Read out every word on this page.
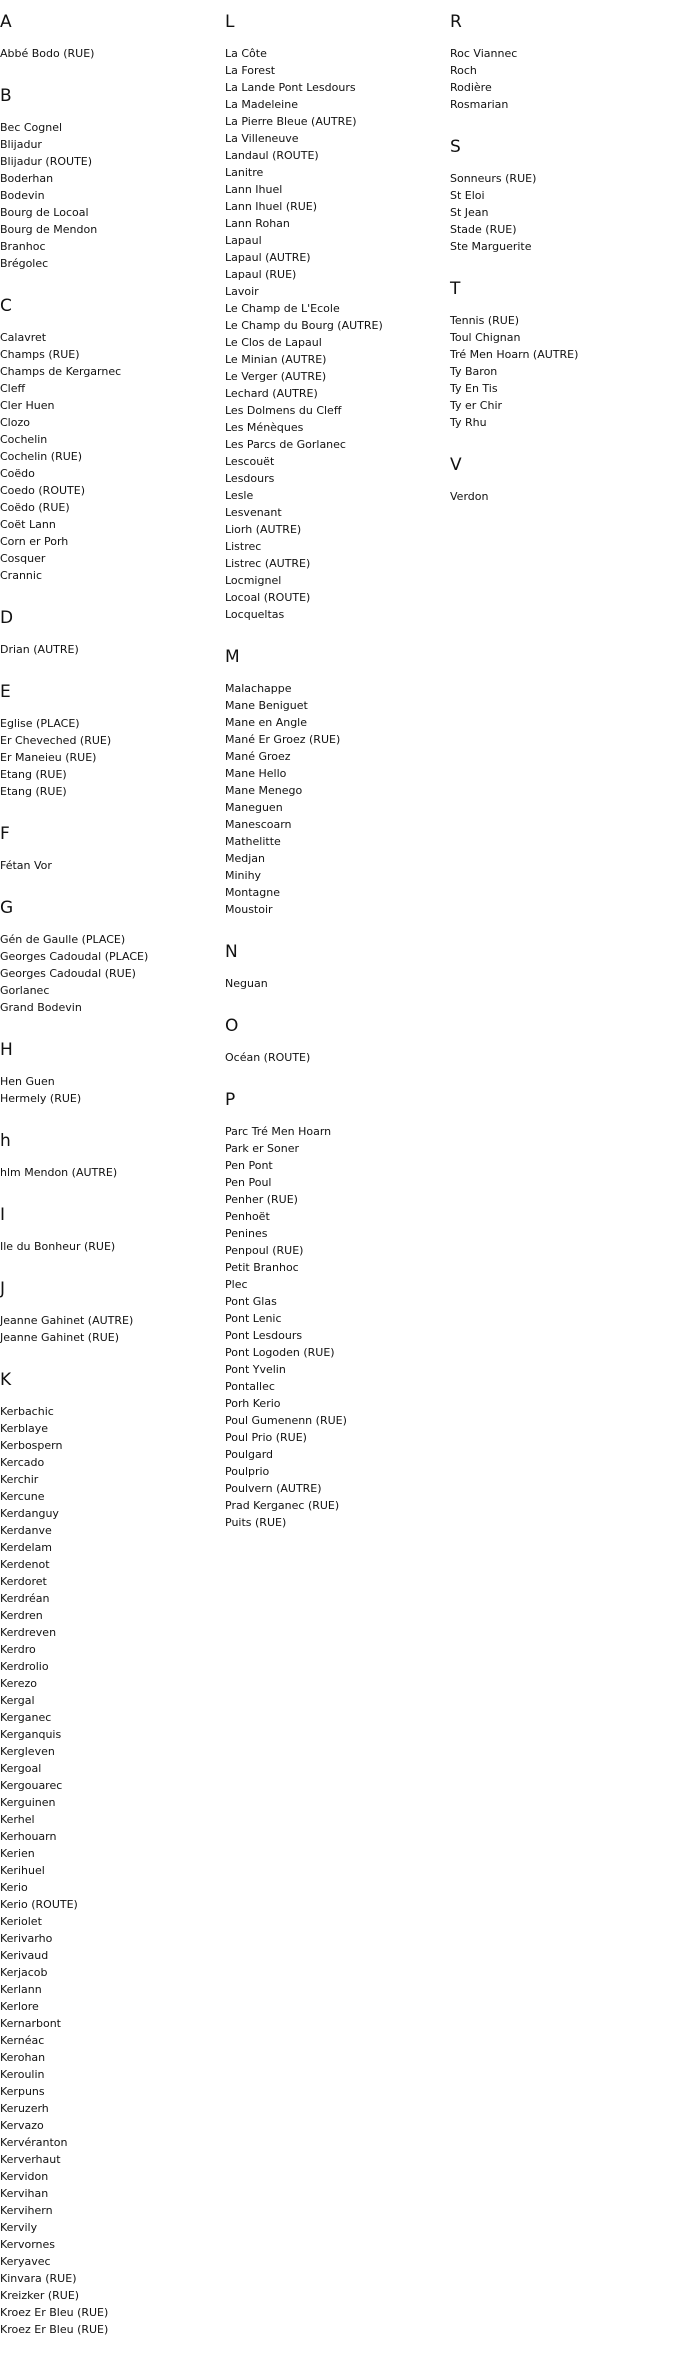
A
Abbé Bodo (RUE)
B
Bec Cognel
Blijadur
Blijadur (ROUTE)
Boderhan
Bodevin
Bourg de Locoal
Bourg de Mendon
Branhoc
Brégolec
C
Calavret
Champs (RUE)
Champs de Kergarnec
Cleff
Cler Huen
Clozo
Cochelin
Cochelin (RUE)
Coëdo
Coedo (ROUTE)
Coëdo (RUE)
Coët Lann
Corn er Porh
Cosquer
Crannic
D
Drian (AUTRE)
E
Eglise (PLACE)
Er Cheveched (RUE)
Er Maneieu (RUE)
Etang (RUE)
Etang (RUE)
F
Fétan Vor
G
Gén de Gaulle (PLACE)
Georges Cadoudal (PLACE)
Georges Cadoudal (RUE)
Gorlanec
Grand Bodevin
H
Hen Guen
Hermely (RUE)
h
hlm Mendon (AUTRE)
I
Ile du Bonheur (RUE)
J
Jeanne Gahinet (AUTRE)
Jeanne Gahinet (RUE)
K
Kerbachic
Kerblaye
Kerbospern
Kercado
Kerchir
Kercune
Kerdanguy
Kerdanve
Kerdelam
Kerdenot
Kerdoret
Kerdréan
Kerdren
Kerdreven
Kerdro
Kerdrolio
Kerezo
Kergal
Kerganec
Kerganquis
Kergleven
Kergoal
Kergouarec
Kerguinen
Kerhel
Kerhouarn
Kerien
Kerihuel
Kerio
Kerio (ROUTE)
Keriolet
Kerivarho
Kerivaud
Kerjacob
Kerlann
Kerlore
Kernarbont
Kernéac
Kerohan
Keroulin
Kerpuns
Keruzerh
Kervazo
Kervéranton
Kerverhaut
Kervidon
Kervihan
Kervihern
Kervily
Kervornes
Keryavec
Kinvara (RUE)
Kreizker (RUE)
Kroez Er Bleu (RUE)
Kroez Er Bleu (RUE)
L
La Côte
La Forest
La Lande Pont Lesdours
La Madeleine
La Pierre Bleue (AUTRE)
La Villeneuve
Landaul (ROUTE)
Lanitre
Lann Ihuel
Lann Ihuel (RUE)
Lann Rohan
Lapaul
Lapaul (AUTRE)
Lapaul (RUE)
Lavoir
Le Champ de L'Ecole
Le Champ du Bourg (AUTRE)
Le Clos de Lapaul
Le Minian (AUTRE)
Le Verger (AUTRE)
Lechard (AUTRE)
Les Dolmens du Cleff
Les Ménèques
Les Parcs de Gorlanec
Lescouët
Lesdours
Lesle
Lesvenant
Liorh (AUTRE)
Listrec
Listrec (AUTRE)
Locmignel
Locoal (ROUTE)
Locqueltas
M
Malachappe
Mane Beniguet
Mane en Angle
Mané Er Groez (RUE)
Mané Groez
Mane Hello
Mane Menego
Maneguen
Manescoarn
Mathelitte
Medjan
Minihy
Montagne
Moustoir
N
Neguan
O
Océan (ROUTE)
P
Parc Tré Men Hoarn
Park er Soner
Pen Pont
Pen Poul
Penher (RUE)
Penhoët
Penines
Penpoul (RUE)
Petit Branhoc
Plec
Pont Glas
Pont Lenic
Pont Lesdours
Pont Logoden (RUE)
Pont Yvelin
Pontallec
Porh Kerio
Poul Gumenenn (RUE)
Poul Prio (RUE)
Poulgard
Poulprio
Poulvern (AUTRE)
Prad Kerganec (RUE)
Puits (RUE)
R
Roc Viannec
Roch
Rodière
Rosmarian
S
Sonneurs (RUE)
St Eloi
St Jean
Stade (RUE)
Ste Marguerite
T
Tennis (RUE)
Toul Chignan
Tré Men Hoarn (AUTRE)
Ty Baron
Ty En Tis
Ty er Chir
Ty Rhu
V
Verdon
